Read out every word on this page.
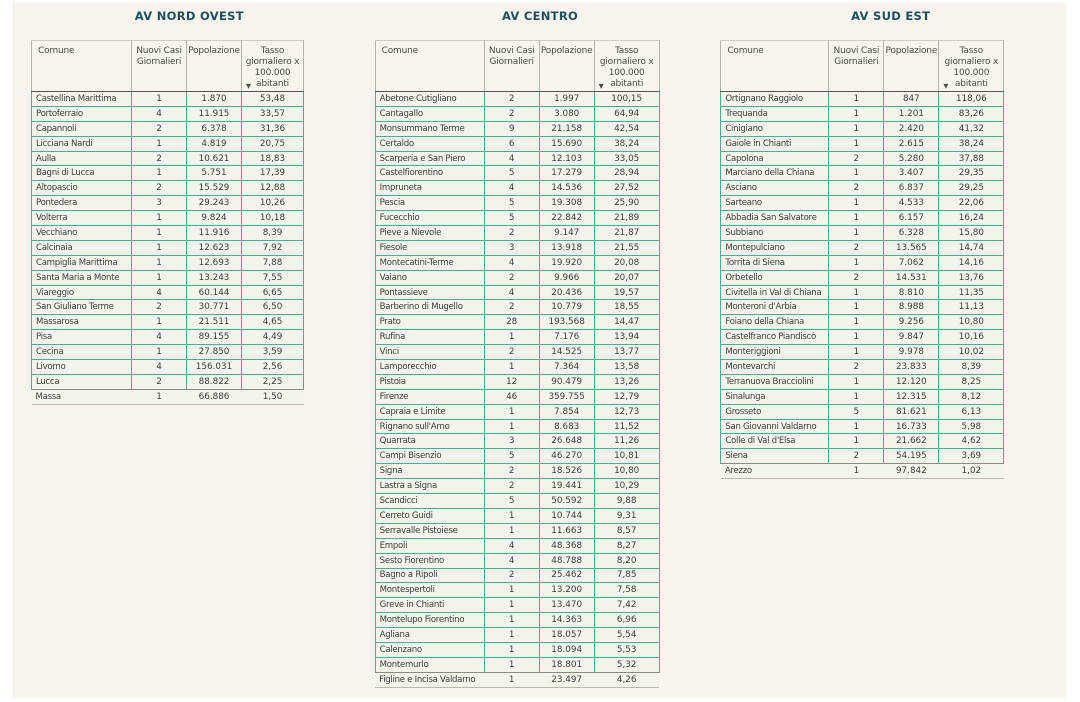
AV NORD OVEST
Comune	Nuovi Casi Giornalieri	Popolazione	Tasso giornaliero x 100.000 abitanti
▼

Castellina Marittima	1	1.870	53,48
Portoferraio	4	11.915	33,57
Capannoli	2	6.378	31,36
Licciana Nardi	1	4.819	20,75
Aulla	2	10.621	18,83
Bagni di Lucca	1	5.751	17,39
Altopascio	2	15.529	12,88
Pontedera	3	29.243	10,26
Volterra	1	9.824	10,18
Vecchiano	1	11.916	8,39
Calcinaia	1	12.623	7,92
Campiglia Marittima	1	12.693	7,88
Santa Maria a Monte	1	13.243	7,55
Viareggio	4	60.144	6,65
San Giuliano Terme	2	30.771	6,50
Massarosa	1	21.511	4,65
Pisa	4	89.155	4,49
Cecina	1	27.850	3,59
Livorno	4	156.031	2,56
Lucca	2	88.822	2,25
Massa	1	66.886	1,50
AV CENTRO
Comune	Nuovi Casi Giornalieri	Popolazione	Tasso giornaliero x 100.000 abitanti
▼

Abetone Cutigliano	2	1.997	100,15
Cantagallo	2	3.080	64,94
Monsummano Terme	9	21.158	42,54
Certaldo	6	15.690	38,24
Scarperia e San Piero	4	12.103	33,05
Castelfiorentino	5	17.279	28,94
Impruneta	4	14.536	27,52
Pescia	5	19.308	25,90
Fucecchio	5	22.842	21,89
Pieve a Nievole	2	9.147	21,87
Fiesole	3	13.918	21,55
Montecatini-Terme	4	19.920	20,08
Vaiano	2	9.966	20,07
Pontassieve	4	20.436	19,57
Barberino di Mugello	2	10.779	18,55
Prato	28	193.568	14,47
Rufina	1	7.176	13,94
Vinci	2	14.525	13,77
Lamporecchio	1	7.364	13,58
Pistoia	12	90.479	13,26
Firenze	46	359.755	12,79
Capraia e Limite	1	7.854	12,73
Rignano sull'Arno	1	8.683	11,52
Quarrata	3	26.648	11,26
Campi Bisenzio	5	46.270	10,81
Signa	2	18.526	10,80
Lastra a Signa	2	19.441	10,29
Scandicci	5	50.592	9,88
Cerreto Guidi	1	10.744	9,31
Serravalle Pistoiese	1	11.663	8,57
Empoli	4	48.368	8,27
Sesto Fiorentino	4	48.788	8,20
Bagno a Ripoli	2	25.462	7,85
Montespertoli	1	13.200	7,58
Greve in Chianti	1	13.470	7,42
Montelupo Fiorentino	1	14.363	6,96
Agliana	1	18.057	5,54
Calenzano	1	18.094	5,53
Montemurlo	1	18.801	5,32
Figline e Incisa Valdarno	1	23.497	4,26
AV SUD EST
Comune	Nuovi Casi Giornalieri	Popolazione	Tasso giornaliero x 100.000 abitanti
▼

Ortignano Raggiolo	1	847	118,06
Trequanda	1	1.201	83,26
Cinigiano	1	2.420	41,32
Gaiole in Chianti	1	2.615	38,24
Capolona	2	5.280	37,88
Marciano della Chiana	1	3.407	29,35
Asciano	2	6.837	29,25
Sarteano	1	4.533	22,06
Abbadia San Salvatore	1	6.157	16,24
Subbiano	1	6.328	15,80
Montepulciano	2	13.565	14,74
Torrita di Siena	1	7.062	14,16
Orbetello	2	14.531	13,76
Civitella in Val di Chiana	1	8.810	11,35
Monteroni d'Arbia	1	8.988	11,13
Foiano della Chiana	1	9.256	10,80
Castelfranco Piandiscò	1	9.847	10,16
Monteriggioni	1	9.978	10,02
Montevarchi	2	23.833	8,39
Terranuova Bracciolini	1	12.120	8,25
Sinalunga	1	12.315	8,12
Grosseto	5	81.621	6,13
San Giovanni Valdarno	1	16.733	5,98
Colle di Val d'Elsa	1	21.662	4,62
Siena	2	54.195	3,69
Arezzo	1	97.842	1,02
